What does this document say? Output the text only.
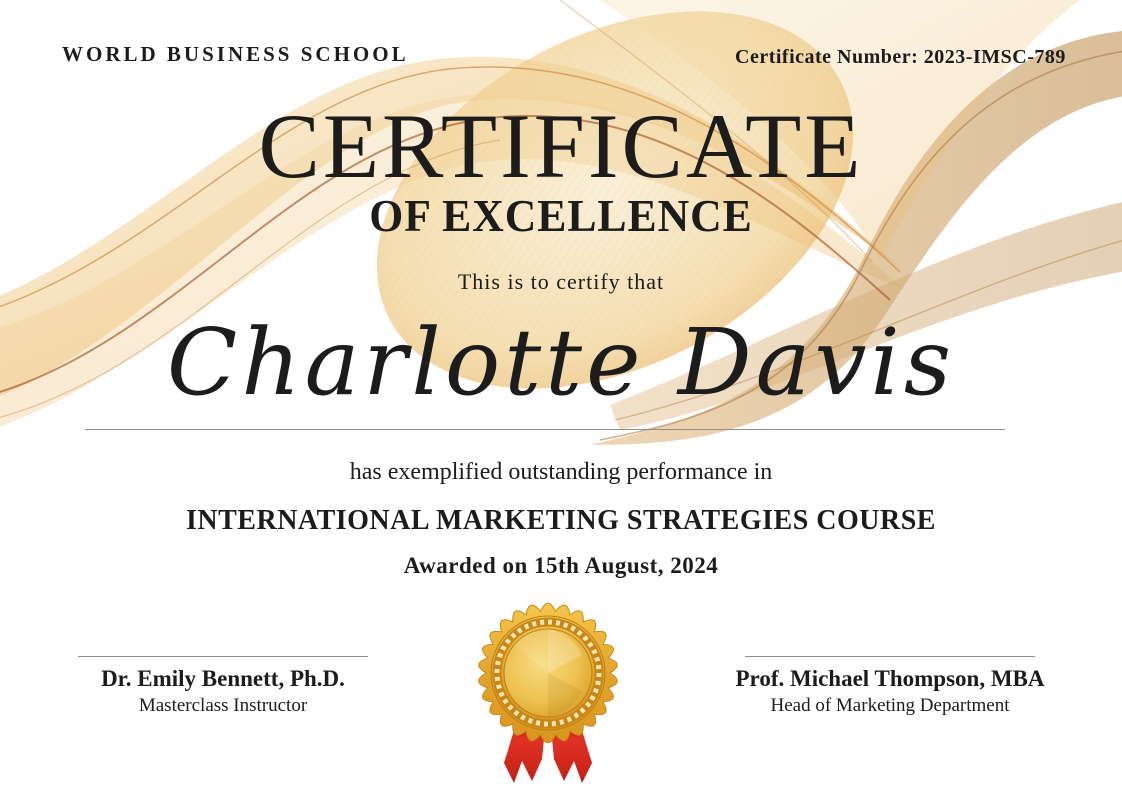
WORLD BUSINESS SCHOOL	Certificate Number: 2023-IMSC-789
CERTIFICATE
OF EXCELLENCE
This is to certify that
Charlotte Davis
has exemplified outstanding performance in
INTERNATIONAL MARKETING STRATEGIES COURSE
Awarded on 15th August, 2024
Dr. Emily Bennett, Ph.D.
Masterclass Instructor
Prof. Michael Thompson, MBA
Head of Marketing Department
